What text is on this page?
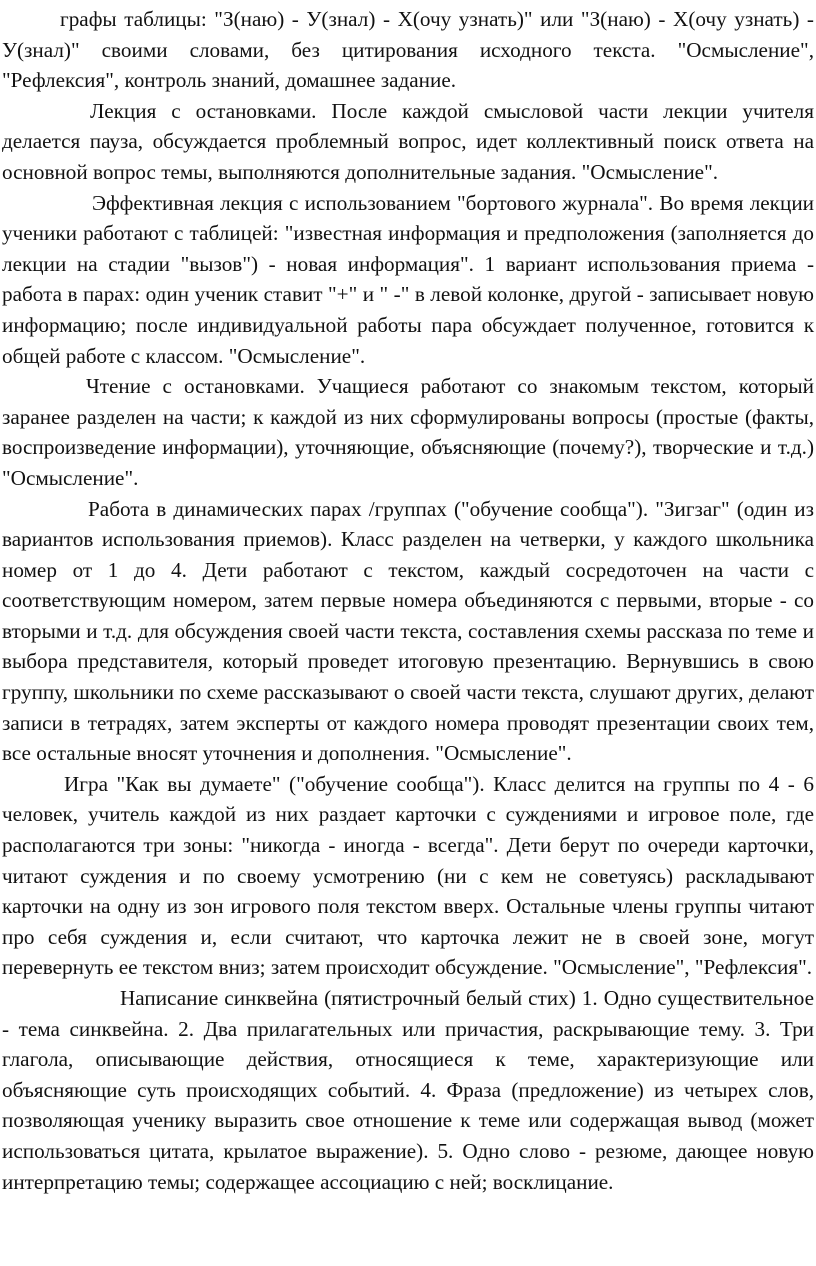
графы таблицы: "З(наю) - У(знал) - Х(очу узнать)" или "З(наю) - Х(очу узнать) - У(знал)" своими словами, без цитирования исходного текста. "Осмысление", "Рефлексия", контроль знаний, домашнее задание.

Лекция с остановками. После каждой смысловой части лекции учителя делается пауза, обсуждается проблемный вопрос, идет коллективный поиск ответа на основной вопрос темы, выполняются дополнительные задания. "Осмысление".

Эффективная лекция с использованием "бортового журнала". Во время лекции ученики работают с таблицей: "известная информация и предположения (заполняется до лекции на стадии "вызов") - новая информация". 1 вариант использования приема - работа в парах: один ученик ставит "+" и " -" в левой колонке, другой - записывает новую информацию; после индивидуальной работы пара обсуждает полученное, готовится к общей работе с классом. "Осмысление".

Чтение с остановками. Учащиеся работают со знакомым текстом, который заранее разделен на части; к каждой из них сформулированы вопросы (простые (факты, воспроизведение информации), уточняющие, объясняющие (почему?), творческие и т.д.) "Осмысление".

Работа в динамических парах /группах ("обучение сообща"). "Зигзаг" (один из вариантов использования приемов). Класс разделен на четверки, у каждого школьника номер от 1 до 4. Дети работают с текстом, каждый сосредоточен на части с соответствующим номером, затем первые номера объединяются с первыми, вторые - со вторыми и т.д. для обсуждения своей части текста, составления схемы рассказа по теме и выбора представителя, который проведет итоговую презентацию. Вернувшись в свою группу, школьники по схеме рассказывают о своей части текста, слушают других, делают записи в тетрадях, затем эксперты от каждого номера проводят презентации своих тем, все остальные вносят уточнения и дополнения. "Осмысление".

Игра "Как вы думаете" ("обучение сообща"). Класс делится на группы по 4 - 6 человек, учитель каждой из них раздает карточки с суждениями и игровое поле, где располагаются три зоны: "никогда - иногда - всегда". Дети берут по очереди карточки, читают суждения и по своему усмотрению (ни с кем не советуясь) раскладывают карточки на одну из зон игрового поля текстом вверх. Остальные члены группы читают про себя суждения и, если считают, что карточка лежит не в своей зоне, могут перевернуть ее текстом вниз; затем происходит обсуждение. "Осмысление", "Рефлексия".

Написание синквейна (пятистрочный белый стих) 1. Одно существительное - тема синквейна. 2. Два прилагательных или причастия, раскрывающие тему. 3. Три глагола, описывающие действия, относящиеся к теме, характеризующие или объясняющие суть происходящих событий. 4. Фраза (предложение) из четырех слов, позволяющая ученику выразить свое отношение к теме или содержащая вывод (может использоваться цитата, крылатое выражение). 5. Одно слово - резюме, дающее новую интерпретацию темы; содержащее ассоциацию с ней; восклицание.
